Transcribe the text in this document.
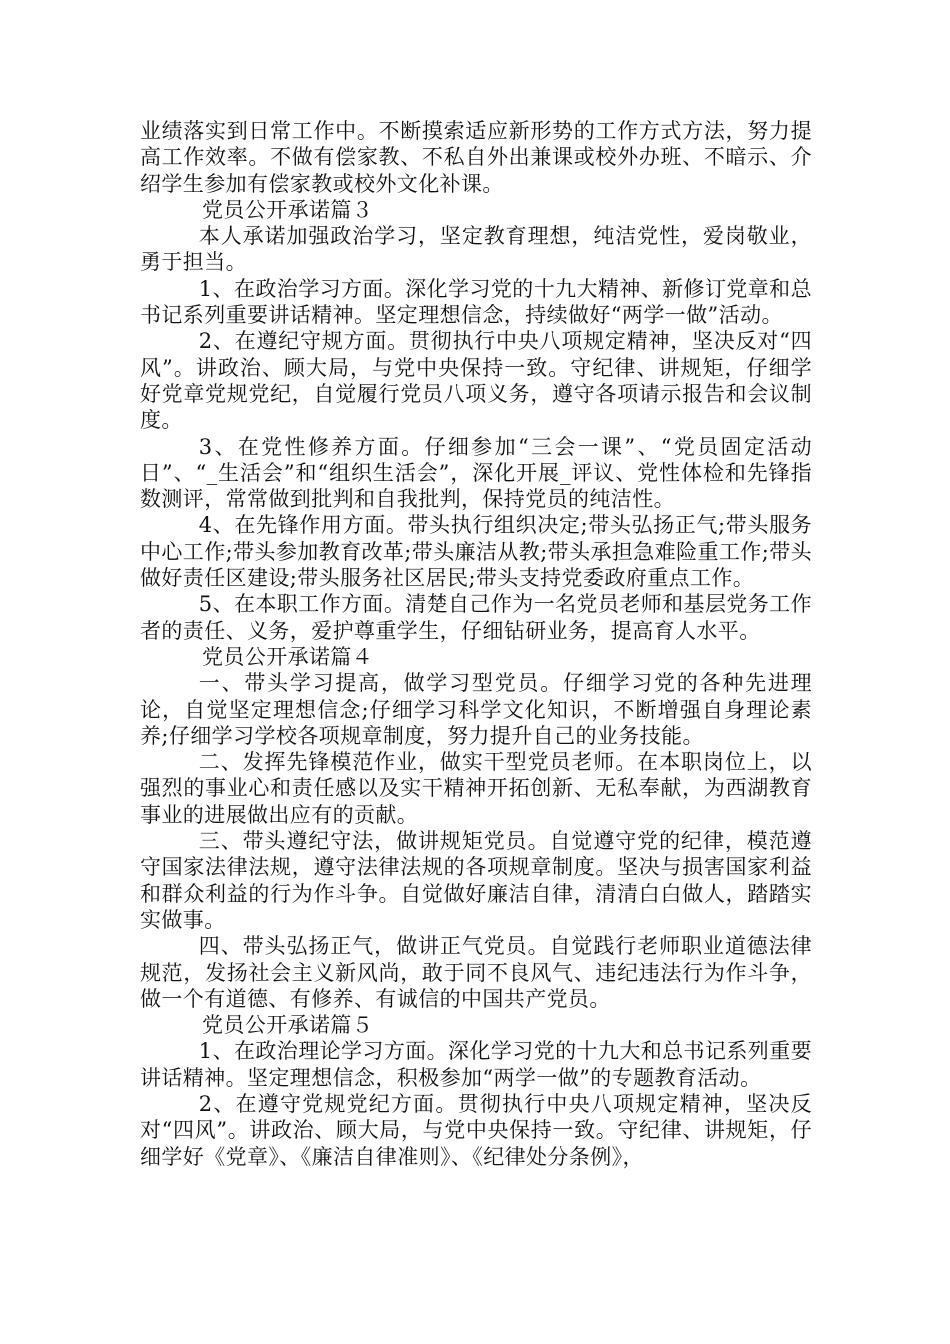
业绩落实到日常工作中。不断摸索适应新形势的工作方式方法，努力提高工作效率。不做有偿家教、不私自外出兼课或校外办班、不暗示、介绍学生参加有偿家教或校外文化补课。

党员公开承诺篇３

本人承诺加强政治学习，坚定教育理想，纯洁党性，爱岗敬业，勇于担当。

1、在政治学习方面。深化学习党的十九大精神、新修订党章和总书记系列重要讲话精神。坚定理想信念，持续做好“两学一做”活动。

2、在遵纪守规方面。贯彻执行中央八项规定精神，坚决反对“四风”。讲政治、顾大局，与党中央保持一致。守纪律、讲规矩，仔细学好党章党规党纪，自觉履行党员八项义务，遵守各项请示报告和会议制度。

3、在党性修养方面。仔细参加“三会一课”、“党员固定活动日”、“_生活会”和“组织生活会”，深化开展_评议、党性体检和先锋指数测评，常常做到批判和自我批判，保持党员的纯洁性。

4、在先锋作用方面。带头执行组织决定;带头弘扬正气;带头服务中心工作;带头参加教育改革;带头廉洁从教;带头承担急难险重工作;带头做好责任区建设;带头服务社区居民;带头支持党委政府重点工作。

5、在本职工作方面。清楚自己作为一名党员老师和基层党务工作者的责任、义务，爱护尊重学生，仔细钻研业务，提高育人水平。

党员公开承诺篇４

一、带头学习提高，做学习型党员。仔细学习党的各种先进理论，自觉坚定理想信念;仔细学习科学文化知识，不断增强自身理论素养;仔细学习学校各项规章制度，努力提升自己的业务技能。

二、发挥先锋模范作业，做实干型党员老师。在本职岗位上，以强烈的事业心和责任感以及实干精神开拓创新、无私奉献，为西湖教育事业的进展做出应有的贡献。

三、带头遵纪守法，做讲规矩党员。自觉遵守党的纪律，模范遵守国家法律法规，遵守法律法规的各项规章制度。坚决与损害国家利益和群众利益的行为作斗争。自觉做好廉洁自律，清清白白做人，踏踏实实做事。

四、带头弘扬正气，做讲正气党员。自觉践行老师职业道德法律规范，发扬社会主义新风尚，敢于同不良风气、违纪违法行为作斗争，做一个有道德、有修养、有诚信的中国共产党员。

党员公开承诺篇５

1、在政治理论学习方面。深化学习党的十九大和总书记系列重要讲话精神。坚定理想信念，积极参加“两学一做”的专题教育活动。

2、在遵守党规党纪方面。贯彻执行中央八项规定精神，坚决反对“四风”。讲政治、顾大局，与党中央保持一致。守纪律、讲规矩，仔细学好《党章》、《廉洁自律准则》、《纪律处分条例》，
